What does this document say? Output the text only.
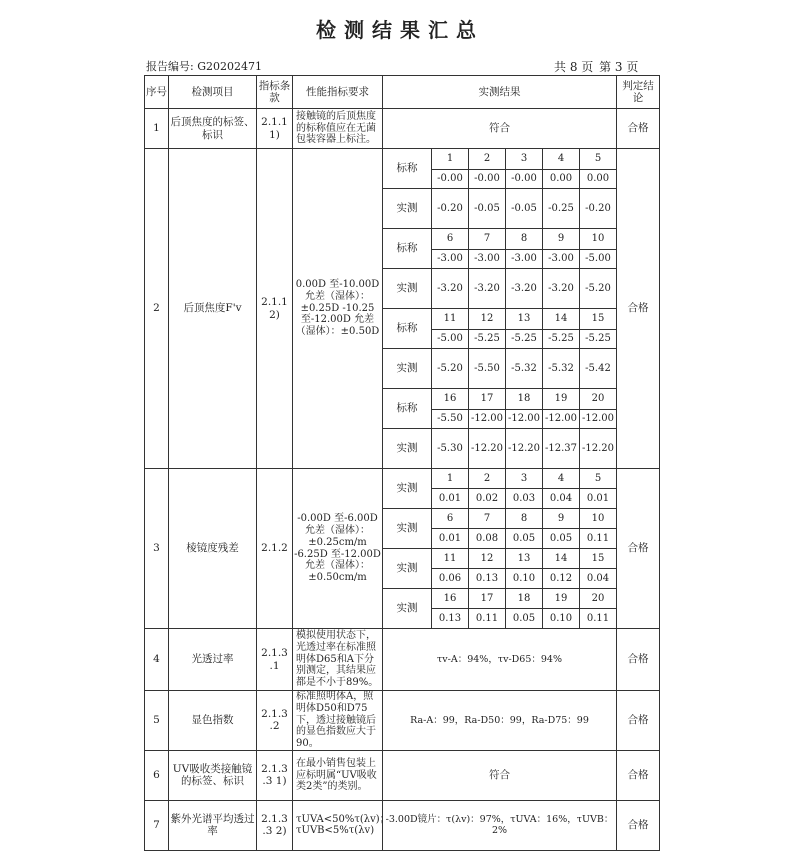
检测结果汇总
报告编号: G20202471	共 8 页 第 3 页
序号	检测项目	指标条款	性能指标要求	实测结果						判定结论
1	后顶焦度的标签、标识	2.1.1 1)	接触镜的后顶焦度的标称值应在无菌包装容器上标注。	符合						合格
2	后顶焦度F'v	2.1.1 2)	0.00D 至-10.00D 允差（湿体）：±0.25D -10.25 至-12.00D 允差（湿体）：±0.50D	标称	1	2	3	4	5	合格
					-0.00	-0.00	-0.00	0.00	0.00	
				实测	-0.20	-0.05	-0.05	-0.25	-0.20	

				标称	6	7	8	9	10	
					-3.00	-3.00	-3.00	-3.00	-5.00	
				实测	-3.20	-3.20	-3.20	-3.20	-5.20	

				标称	11	12	13	14	15	
					-5.00	-5.25	-5.25	-5.25	-5.25	
				实测	-5.20	-5.50	-5.32	-5.32	-5.42	

				标称	16	17	18	19	20	
					-5.50	-12.00	-12.00	-12.00	-12.00	
				实测	-5.30	-12.20	-12.20	-12.37	-12.20	

3	棱镜度残差	2.1.2	-0.00D 至-6.00D 允差（湿体）：±0.25cm/m -6.25D 至-12.00D 允差（湿体）：±0.50cm/m	实测	1	2	3	4	5	合格
					0.01	0.02	0.03	0.04	0.01	
				实测	6	7	8	9	10	
					0.01	0.08	0.05	0.05	0.11	
				实测	11	12	13	14	15	
					0.06	0.13	0.10	0.12	0.04	
				实测	16	17	18	19	20	
					0.13	0.11	0.05	0.10	0.11	
4	光透过率	2.1.3 .1	模拟使用状态下，光透过率在标准照明体D65和A下分别测定，其结果应都是不小于89%。	τv-A：94%，τv-D65：94%						合格
5	显色指数	2.1.3 .2	标准照明体A，照明体D50和D75下，透过接触镜后的显色指数应大于90。	Ra-A：99，Ra-D50：99，Ra-D75：99						合格
6	UV吸收类接触镜的标签、标识	2.1.3 .3 1)	在最小销售包装上应标明属“UV吸收类2类”的类别。	符合						合格
7	紫外光谱平均透过率	2.1.3 .3 2)	τUVA<50%τ(λv)；τUVB<5%τ(λv)	-3.00D镜片：τ(λv)：97%，τUVA：16%，τUVB：2%						合格
